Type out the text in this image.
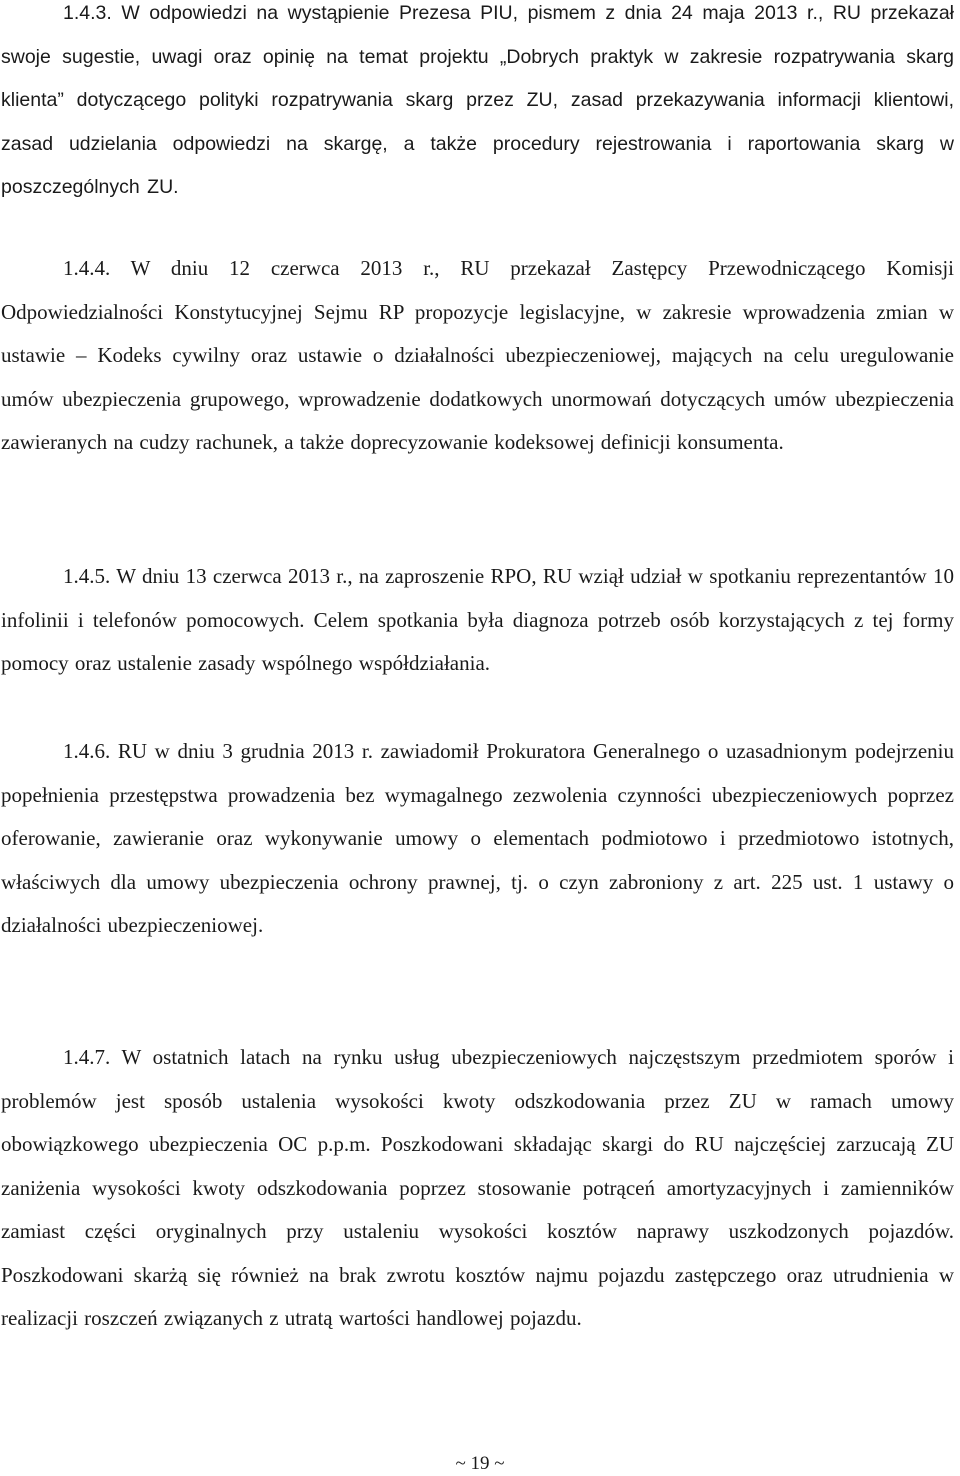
1.4.3. W odpowiedzi na wystąpienie Prezesa PIU, pismem z dnia 24 maja 2013 r., RU przekazał swoje sugestie, uwagi oraz opinię na temat projektu „Dobrych praktyk w zakresie rozpatrywania skarg klienta” dotyczącego polityki rozpatrywania skarg przez ZU, zasad przekazywania informacji klientowi, zasad udzielania odpowiedzi na skargę, a także procedury rejestrowania i raportowania skarg w poszczególnych ZU.

1.4.4. W dniu 12 czerwca 2013 r., RU przekazał Zastępcy Przewodniczącego Komisji Odpowiedzialności Konstytucyjnej Sejmu RP propozycje legislacyjne, w zakresie wprowadzenia zmian w ustawie – Kodeks cywilny oraz ustawie o działalności ubezpieczeniowej, mających na celu uregulowanie umów ubezpieczenia grupowego, wprowadzenie dodatkowych unormowań dotyczących umów ubezpieczenia zawieranych na cudzy rachunek, a także doprecyzowanie kodeksowej definicji konsumenta.

1.4.5. W dniu 13 czerwca 2013 r., na zaproszenie RPO, RU wziął udział w spotkaniu reprezentantów 10 infolinii i telefonów pomocowych. Celem spotkania była diagnoza potrzeb osób korzystających z tej formy pomocy oraz ustalenie zasady wspólnego współdziałania.

1.4.6. RU w dniu 3 grudnia 2013 r. zawiadomił Prokuratora Generalnego o uzasadnionym podejrzeniu popełnienia przestępstwa prowadzenia bez wymagalnego zezwolenia czynności ubezpieczeniowych poprzez oferowanie, zawieranie oraz wykonywanie umowy o elementach podmiotowo i przedmiotowo istotnych, właściwych dla umowy ubezpieczenia ochrony prawnej, tj. o czyn zabroniony z art. 225 ust. 1 ustawy o działalności ubezpieczeniowej.

1.4.7. W ostatnich latach na rynku usług ubezpieczeniowych najczęstszym przedmiotem sporów i problemów jest sposób ustalenia wysokości kwoty odszkodowania przez ZU w ramach umowy obowiązkowego ubezpieczenia OC p.p.m. Poszkodowani składając skargi do RU najczęściej zarzucają ZU zaniżenia wysokości kwoty odszkodowania poprzez stosowanie potrąceń amortyzacyjnych i zamienników zamiast części oryginalnych przy ustaleniu wysokości kosztów naprawy uszkodzonych pojazdów. Poszkodowani skarżą się również na brak zwrotu kosztów najmu pojazdu zastępczego oraz utrudnienia w realizacji roszczeń związanych z utratą wartości handlowej pojazdu.

~ 19 ~
